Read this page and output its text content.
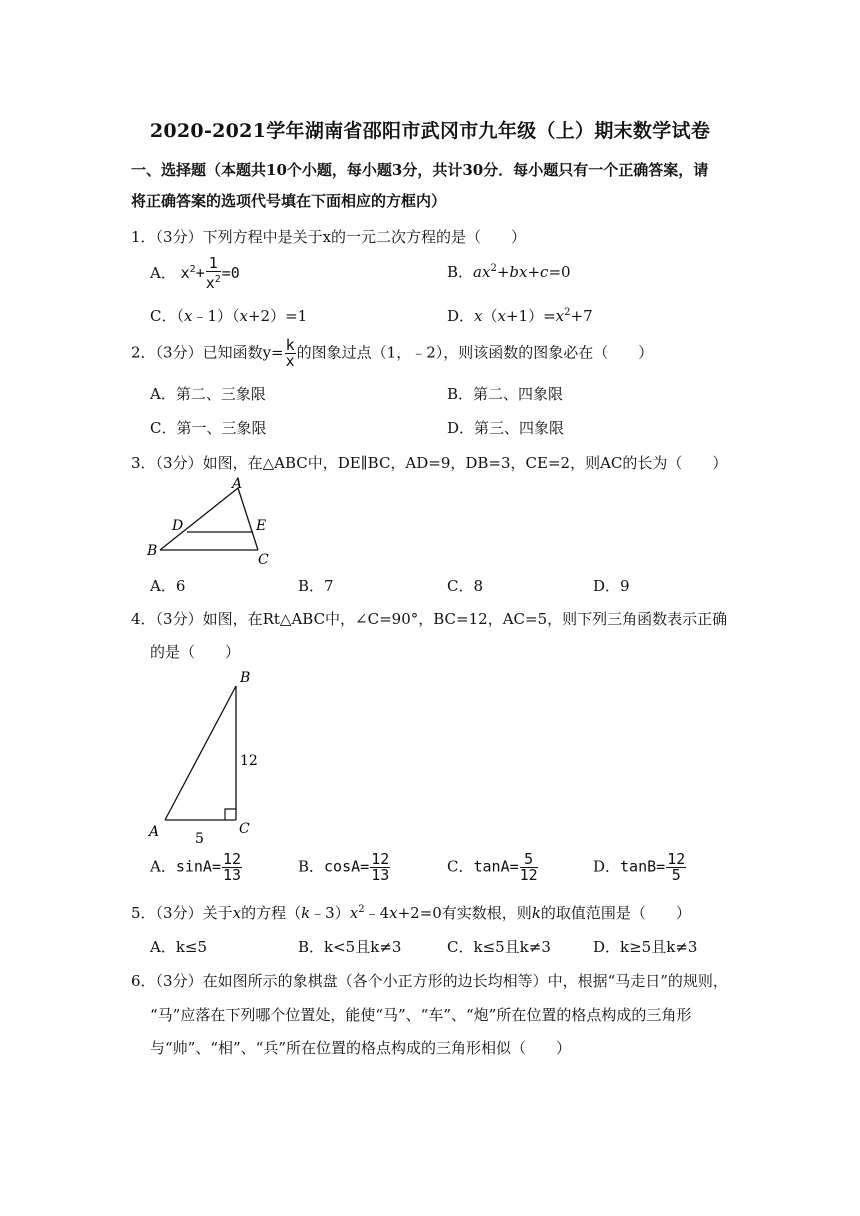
2020-2021学年湖南省邵阳市武冈市九年级（上）期末数学试卷
一、选择题（本题共10个小题，每小题3分，共计30分．每小题只有一个正确答案，请
将正确答案的选项代号填在下面相应的方框内）
1．（3分）下列方程中是关于x的一元二次方程的是（　　）
A． $x^2+ \frac{1}{x^2} =0$	B．$ax^2+bx+c=0$
C．（x﹣1）（x+2）=1	D．$x(x+1)=x^2+7$
2．（3分）已知函数$y= \frac{k}{x}$ 的图象过点（1，﹣2），则该函数的图象必在（　　）
A．第二、三象限	B．第二、四象限
C．第一、三象限	D．第三、四象限
3．（3分）如图，在△ABC中，DE∥BC，AD=9，DB=3，CE=2，则AC的长为（　　）
A
D	E
B
C
A．6	B．7	C．8	D．9
4．（3分）如图，在Rt△ABC中，∠C=90°，BC=12，AC=5，则下列三角函数表示正确
的是（　　）
B
12
A	5
C
A．$\sin A= \frac{12}{13}$	B．$\cos A= \frac{12}{13}$	C．$\tan A= \frac{5}{12}$	D．$\tan B= \frac{12}{5}$
5．（3分）关于x的方程$(k﹣3)x^2﹣4x+2=0$有实数根，则k的取值范围是（　　）
A．k≤5	B．k<5且k≠3	C．k≤5且k≠3	D．k≥5且k≠3
6．（3分）在如图所示的象棋盘（各个小正方形的边长均相等）中，根据“马走日”的规则，
“马”应落在下列哪个位置处，能使“马”、“车”、“炮”所在位置的格点构成的三角形
与“帅”、“相”、“兵”所在位置的格点构成的三角形相似（　　）
